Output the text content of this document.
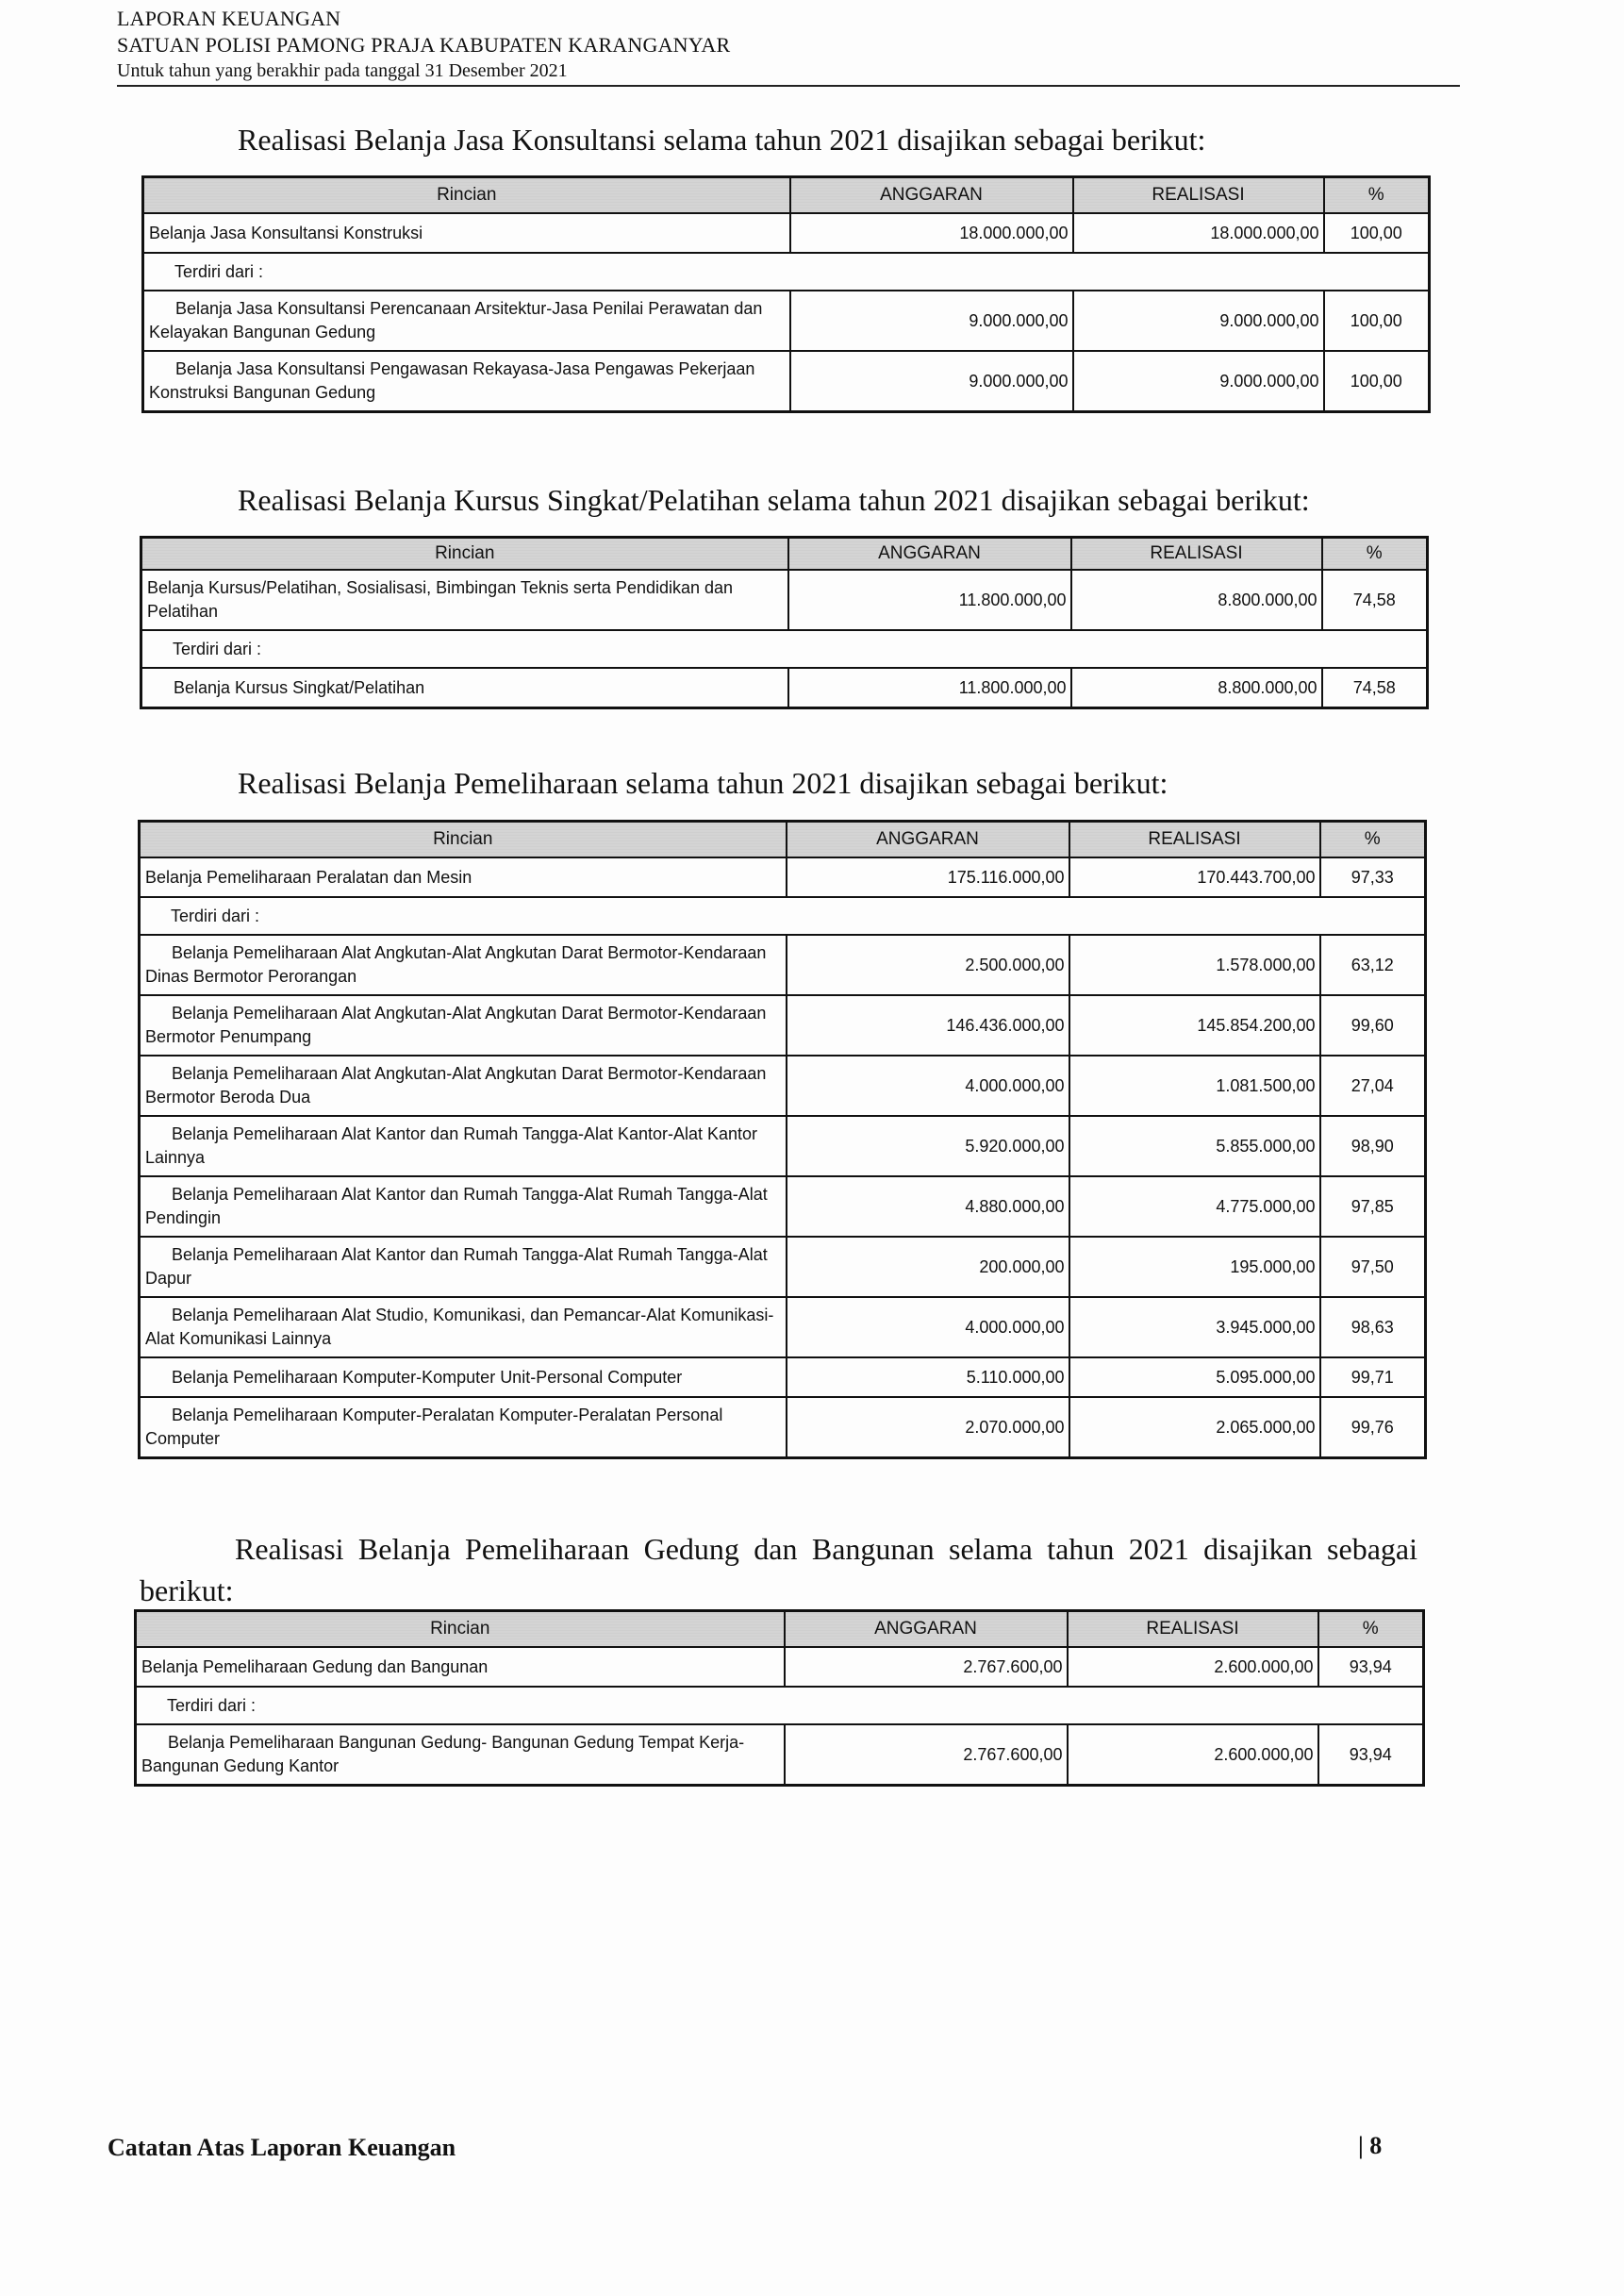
LAPORAN KEUANGAN
SATUAN POLISI PAMONG PRAJA KABUPATEN KARANGANYAR
Untuk tahun yang berakhir pada tanggal 31 Desember 2021
Realisasi Belanja Jasa Konsultansi selama tahun 2021 disajikan sebagai berikut:
Rincian	ANGGARAN	REALISASI	%
Belanja Jasa Konsultansi Konstruksi	18.000.000,00	18.000.000,00	100,00
Terdiri dari :			
Belanja Jasa Konsultansi Perencanaan Arsitektur-Jasa Penilai Perawatan dan Kelayakan Bangunan Gedung	9.000.000,00	9.000.000,00	100,00
Belanja Jasa Konsultansi Pengawasan Rekayasa-Jasa Pengawas Pekerjaan Konstruksi Bangunan Gedung	9.000.000,00	9.000.000,00	100,00
Realisasi Belanja Kursus Singkat/Pelatihan selama tahun 2021 disajikan sebagai berikut:
Rincian	ANGGARAN	REALISASI	%
Belanja Kursus/Pelatihan, Sosialisasi, Bimbingan Teknis serta Pendidikan dan Pelatihan	11.800.000,00	8.800.000,00	74,58
Terdiri dari :			
Belanja Kursus Singkat/Pelatihan	11.800.000,00	8.800.000,00	74,58
Realisasi Belanja Pemeliharaan selama tahun 2021 disajikan sebagai berikut:
Rincian	ANGGARAN	REALISASI	%
Belanja Pemeliharaan Peralatan dan Mesin	175.116.000,00	170.443.700,00	97,33
Terdiri dari :			
Belanja Pemeliharaan Alat Angkutan-Alat Angkutan Darat Bermotor-Kendaraan Dinas Bermotor Perorangan	2.500.000,00	1.578.000,00	63,12
Belanja Pemeliharaan Alat Angkutan-Alat Angkutan Darat Bermotor-Kendaraan Bermotor Penumpang	146.436.000,00	145.854.200,00	99,60
Belanja Pemeliharaan Alat Angkutan-Alat Angkutan Darat Bermotor-Kendaraan Bermotor Beroda Dua	4.000.000,00	1.081.500,00	27,04
Belanja Pemeliharaan Alat Kantor dan Rumah Tangga-Alat Kantor-Alat Kantor Lainnya	5.920.000,00	5.855.000,00	98,90
Belanja Pemeliharaan Alat Kantor dan Rumah Tangga-Alat Rumah Tangga-Alat Pendingin	4.880.000,00	4.775.000,00	97,85
Belanja Pemeliharaan Alat Kantor dan Rumah Tangga-Alat Rumah Tangga-Alat Dapur	200.000,00	195.000,00	97,50
Belanja Pemeliharaan Alat Studio, Komunikasi, dan Pemancar-Alat Komunikasi-Alat Komunikasi Lainnya	4.000.000,00	3.945.000,00	98,63
Belanja Pemeliharaan Komputer-Komputer Unit-Personal Computer	5.110.000,00	5.095.000,00	99,71
Belanja Pemeliharaan Komputer-Peralatan Komputer-Peralatan Personal Computer	2.070.000,00	2.065.000,00	99,76
Realisasi Belanja Pemeliharaan Gedung dan Bangunan selama tahun 2021 disajikan sebagai berikut:
Rincian	ANGGARAN	REALISASI	%
Belanja Pemeliharaan Gedung dan Bangunan	2.767.600,00	2.600.000,00	93,94
Terdiri dari :			
Belanja Pemeliharaan Bangunan Gedung- Bangunan Gedung Tempat Kerja-Bangunan Gedung Kantor	2.767.600,00	2.600.000,00	93,94
Catatan Atas Laporan Keuangan	| 8
